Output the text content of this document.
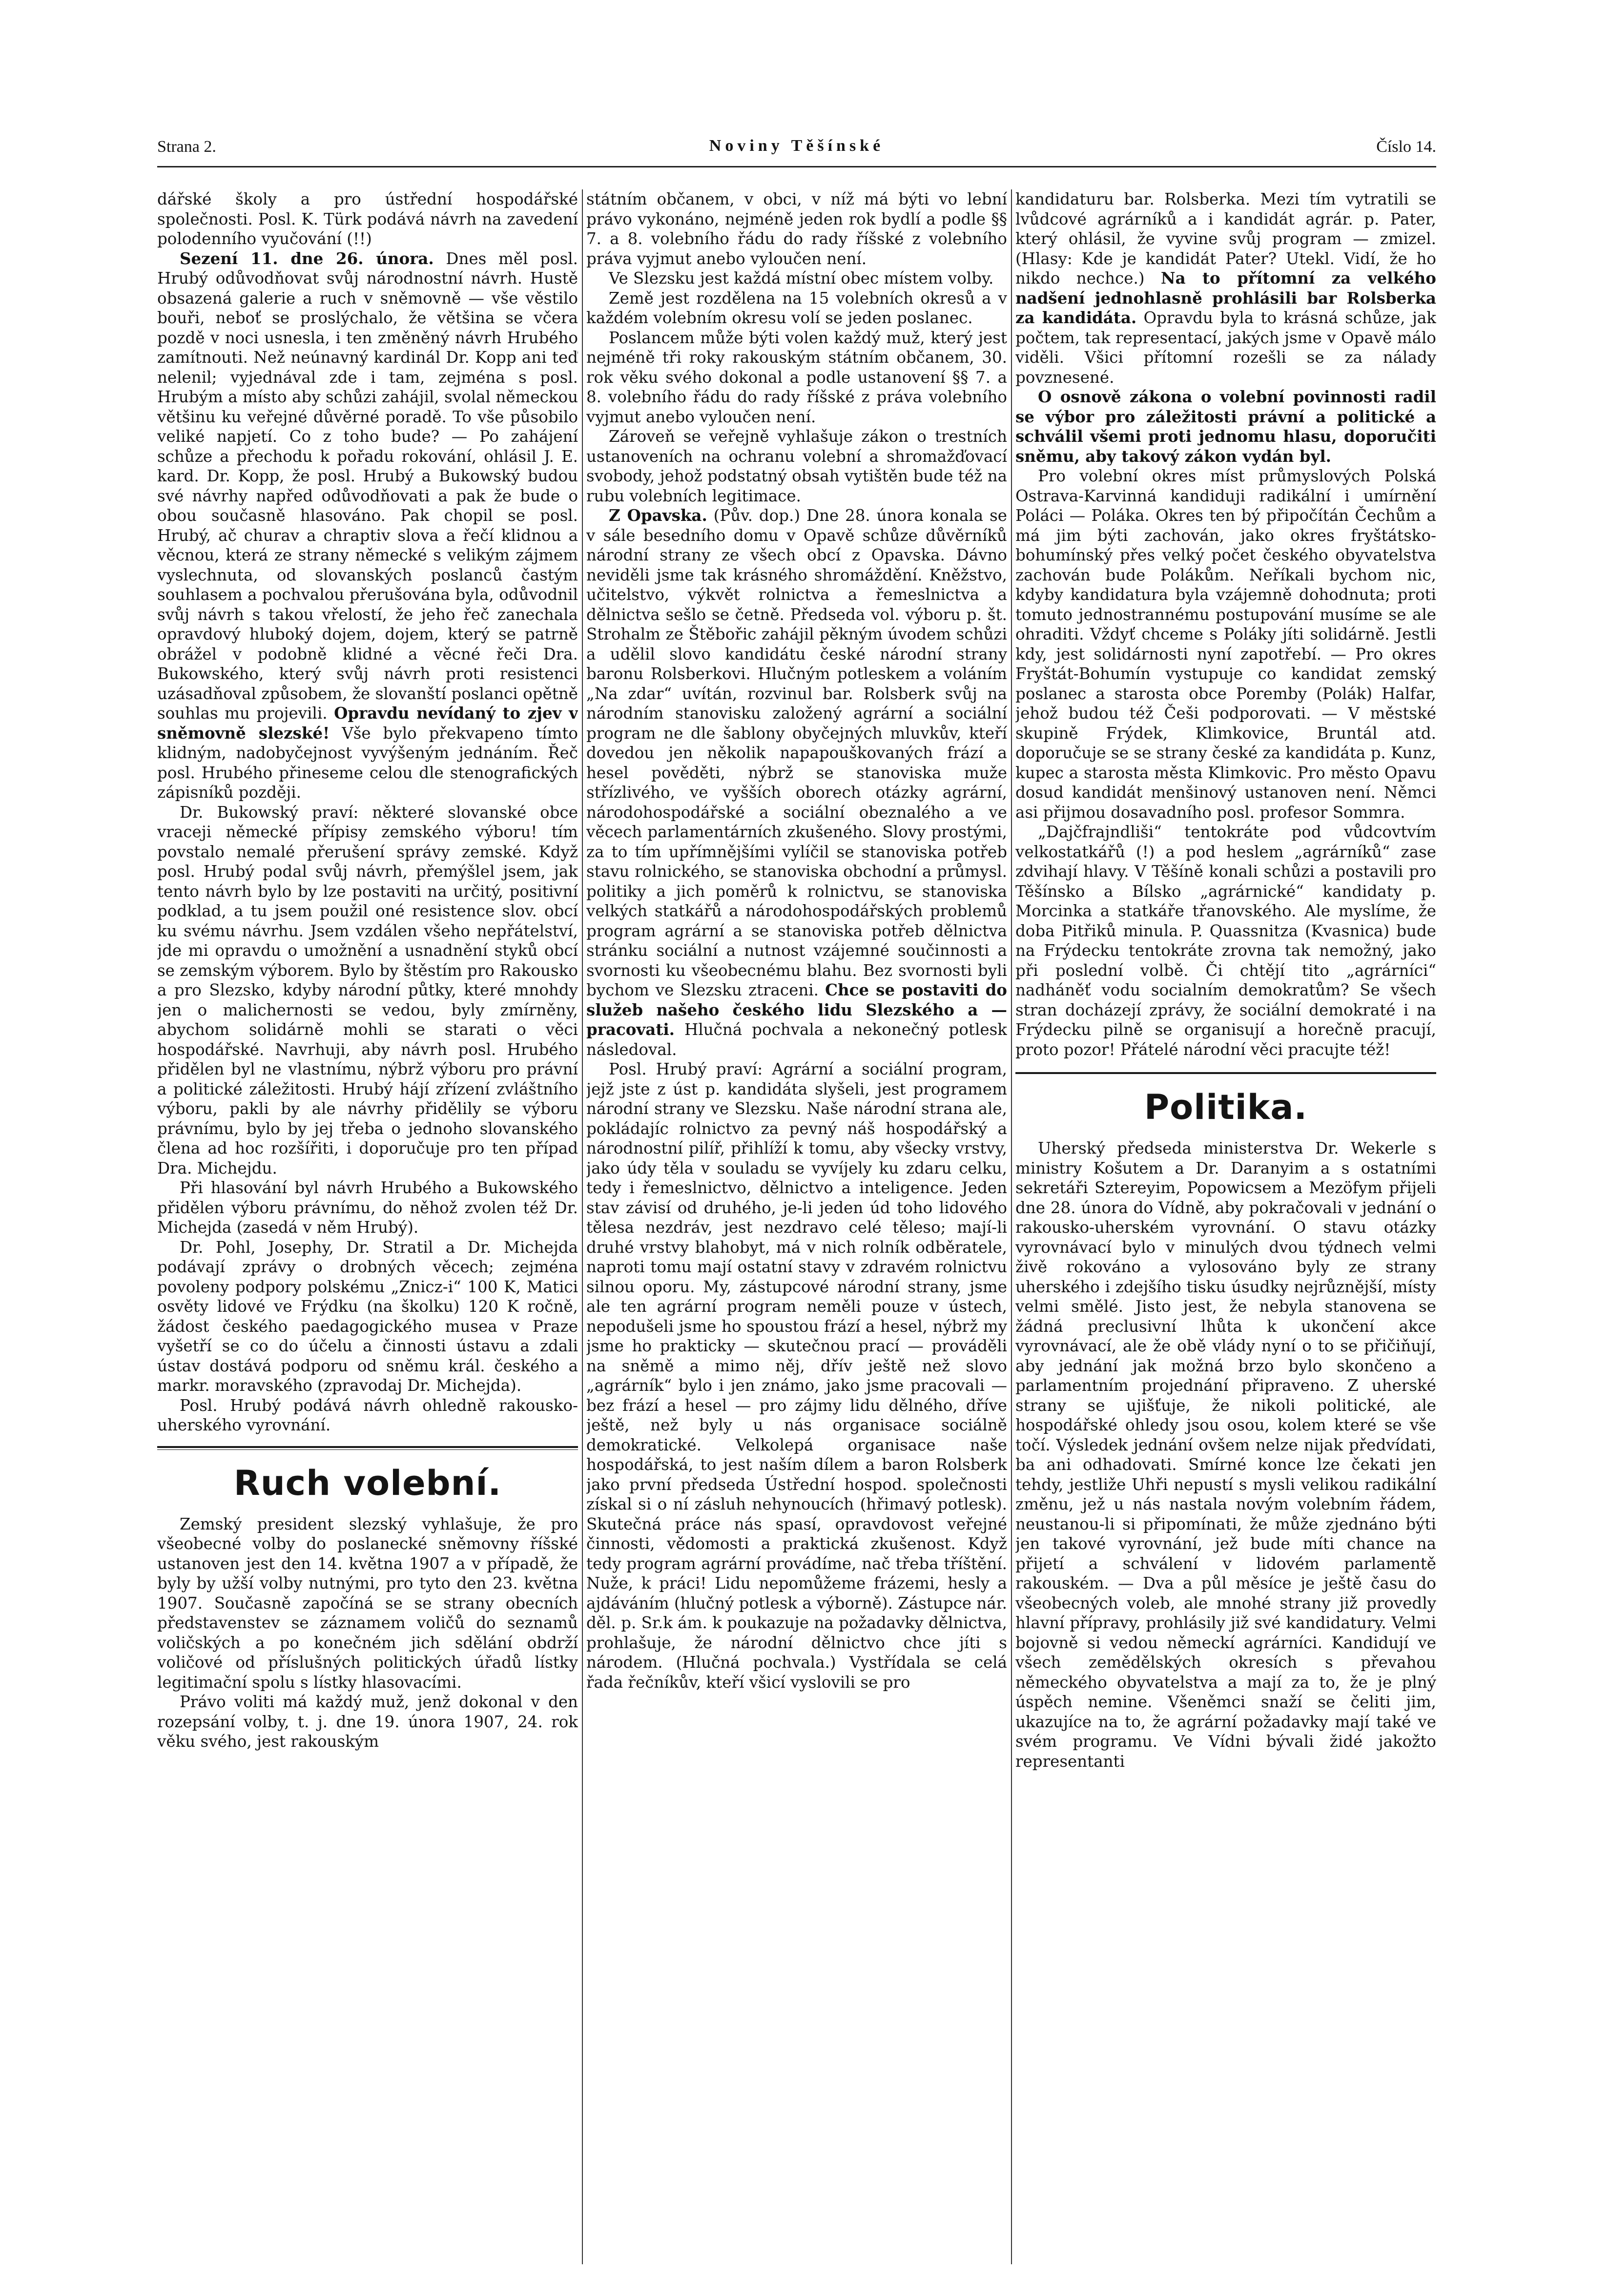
Strana 2.	Noviny Těšínské	Číslo 14.

dářské školy a pro ústřední hospodářské společnosti. Posl. K. Türk podává návrh na zavedení polodenního vyučování (!!)

Sezení 11. dne 26. února. Dnes měl posl. Hrubý odůvodňovat svůj národnostní návrh. Hustě obsazená galerie a ruch v sněmovně — vše věstilo bouři, neboť se proslýchalo, že většina se včera pozdě v noci usnesla, i ten změněný návrh Hrubého zamítnouti. Než neúnavný kardinál Dr. Kopp ani teď nelenil; vyjednával zde i tam, zejména s posl. Hrubým a místo aby schůzi zahájil, svolal německou většinu ku veřejné důvěrné poradě. To vše působilo veliké napjetí. Co z toho bude? — Po zahájení schůze a přechodu k pořadu rokování, ohlásil J. E. kard. Dr. Kopp, že posl. Hrubý a Bukowský budou své návrhy napřed odůvodňovati a pak že bude o obou současně hlasováno. Pak chopil se posl. Hrubý, ač churav a chraptiv slova a řečí klidnou a věcnou, která ze strany německé s velikým zájmem vyslechnuta, od slovanských poslanců častým souhlasem a pochvalou přerušována byla, odůvodnil svůj návrh s takou vřelostí, že jeho řeč zanechala opravdový hluboký dojem, dojem, který se patrně obrážel v podobně klidné a věcné řeči Dra. Bukowského, který svůj návrh proti resistenci uzásadňoval způsobem, že slovanští poslanci opětně souhlas mu projevili. Opravdu nevídaný to zjev v sněmovně slezské! Vše bylo překvapeno tímto klidným, nadobyčejnost vyvýšeným jednáním. Řeč posl. Hrubého přineseme celou dle stenografických zápisníků později.

Dr. Bukowský praví: některé slovanské obce vraceji německé přípisy zemského výboru! tím povstalo nemalé přerušení správy zemské. Když posl. Hrubý podal svůj návrh, přemýšlel jsem, jak tento návrh bylo by lze postaviti na určitý, positivní podklad, a tu jsem použil oné resistence slov. obcí ku svému návrhu. Jsem vzdálen všeho nepřátelství, jde mi opravdu o umožnění a usnadnění styků obcí se zemským výborem. Bylo by štěstím pro Rakousko a pro Slezsko, kdyby národní půtky, které mnohdy jen o malichernosti se vedou, byly zmírněny, abychom solidárně mohli se starati o věci hospodářské. Navrhuji, aby návrh posl. Hrubého přidělen byl ne vlastnímu, nýbrž výboru pro právní a politické záležitosti. Hrubý hájí zřízení zvláštního výboru, pakli by ale návrhy přidělily se výboru právnímu, bylo by jej třeba o jednoho slovanského člena ad hoc rozšířiti, i doporučuje pro ten případ Dra. Michejdu.

Při hlasování byl návrh Hrubého a Bukowského přidělen výboru právnímu, do něhož zvolen též Dr. Michejda (zasedá v něm Hrubý).

Dr. Pohl, Josephy, Dr. Stratil a Dr. Michejda podávají zprávy o drobných věcech; zejména povoleny podpory polskému „Znicz-i“ 100 K, Matici osvěty lidové ve Frýdku (na školku) 120 K ročně, žádost českého paedagogického musea v Praze vyšetří se co do účelu a činnosti ústavu a zdali ústav dostává podporu od sněmu král. českého a markr. moravského (zpravodaj Dr. Michejda).

Posl. Hrubý podává návrh ohledně rakousko-uherského vyrovnání.

Ruch volební.

Zemský president slezský vyhlašuje, že pro všeobecné volby do poslanecké sněmovny říšské ustanoven jest den 14. května 1907 a v případě, že byly by užší volby nutnými, pro tyto den 23. května 1907. Současně započíná se se strany obecních představenstev se záznamem voličů do seznamů voličských a po konečném jich sdělání obdrží voličové od příslušných politických úřadů lístky legitimační spolu s lístky hlasovacími.

Právo voliti má každý muž, jenž dokonal v den rozepsání volby, t. j. dne 19. února 1907, 24. rok věku svého, jest rakouským

státním občanem, v obci, v níž má býti vo lební právo vykonáno, nejméně jeden rok bydlí a podle §§ 7. a 8. volebního řádu do rady říšské z volebního práva vyjmut anebo vyloučen není.

Ve Slezsku jest každá místní obec místem volby.

Země jest rozdělena na 15 volebních okresů a v každém volebním okresu volí se jeden poslanec.

Poslancem může býti volen každý muž, který jest nejméně tři roky rakouským státním občanem, 30. rok věku svého dokonal a podle ustanovení §§ 7. a 8. volebního řádu do rady říšské z práva volebního vyjmut anebo vyloučen není.

Zároveň se veřejně vyhlašuje zákon o trestních ustanoveních na ochranu volební a shromažďovací svobody, jehož podstatný obsah vytištěn bude též na rubu volebních legitimace.

Z Opavska. (Pův. dop.) Dne 28. února konala se v sále besedního domu v Opavě schůze důvěrníků národní strany ze všech obcí z Opavska. Dávno neviděli jsme tak krásného shromáždění. Kněžstvo, učitelstvo, výkvět rolnictva a řemeslnictva a dělnictva sešlo se četně. Předseda vol. výboru p. št. Strohalm ze Štěbořic zahájil pěkným úvodem schůzi a udělil slovo kandidátu české národní strany baronu Rolsberkovi. Hlučným potleskem a voláním „Na zdar“ uvítán, rozvinul bar. Rolsberk svůj na národním stanovisku založený agrární a sociální program ne dle šablony obyčejných mluvkův, kteří dovedou jen několik napapouškovaných frází a hesel pověděti, nýbrž se stanoviska muže střízlivého, ve vyšších oborech otázky agrární, národohospodářské a sociální obeznalého a ve věcech parlamentárních zkušeného. Slovy prostými, za to tím upřímnějšími vylíčil se stanoviska potřeb stavu rolnického, se stanoviska obchodní a průmysl. politiky a jich poměrů k rolnictvu, se stanoviska velkých statkářů a národohospodářských problemů program agrární a se stanoviska potřeb dělnictva stránku sociální a nutnost vzájemné součinnosti a svornosti ku všeobecnému blahu. Bez svornosti byli bychom ve Slezsku ztraceni. Chce se postaviti do služeb našeho českého lidu Slezského a — pracovati. Hlučná pochvala a nekonečný potlesk následoval.

Posl. Hrubý praví: Agrární a sociální program, jejž jste z úst p. kandidáta slyšeli, jest programem národní strany ve Slezsku. Naše národní strana ale, pokládajíc rolnictvo za pevný náš hospodářský a národnostní pilíř, přihlíží k tomu, aby všecky vrstvy, jako údy těla v souladu se vyvíjely ku zdaru celku, tedy i řemeslnictvo, dělnictvo a inteligence. Jeden stav závisí od druhého, je-li jeden úd toho lidového tělesa nezdráv, jest nezdravo celé těleso; mají-li druhé vrstvy blahobyt, má v nich rolník odběratele, naproti tomu mají ostatní stavy v zdravém rolnictvu silnou oporu. My, zástupcové národní strany, jsme ale ten agrární program neměli pouze v ústech, nepodušeli jsme ho spoustou frází a hesel, nýbrž my jsme ho prakticky — skutečnou prací — prováděli na sněmě a mimo něj, dřív ještě než slovo „agrárník“ bylo i jen známo, jako jsme pracovali — bez frází a hesel — pro zájmy lidu dělného, dříve ještě, než byly u nás organisace sociálně demokratické. Velkolepá organisace naše hospodářská, to jest naším dílem a baron Rolsberk jako první předseda Ústřední hospod. společnosti získal si o ní zásluh nehynoucích (hřimavý potlesk). Skutečná práce nás spasí, opravdovost veřejné činnosti, vědomosti a praktická zkušenost. Když tedy program agrární provádíme, nač třeba tříštění. Nuže, k práci! Lidu nepomůžeme frázemi, hesly a ajdáváním (hlučný potlesk a výborně). Zástupce nár. děl. p. Sr.k ám. k poukazuje na požadavky dělnictva, prohlašuje, že národní dělnictvo chce jíti s národem. (Hlučná pochvala.) Vystřídala se celá řada řečníkův, kteří všicí vyslovili se pro

kandidaturu bar. Rolsberka. Mezi tím vytratili se lvůdcové agrárníků a i kandidát agrár. p. Pater, který ohlásil, že vyvine svůj program — zmizel. (Hlasy: Kde je kandidát Pater? Utekl. Vidí, že ho nikdo nechce.) Na to přítomní za velkého nadšení jednohlasně prohlásili bar Rolsberka za kandidáta. Opravdu byla to krásná schůze, jak počtem, tak representací, jakých jsme v Opavě málo viděli. Všici přítomní rozešli se za nálady povznesené.

O osnově zákona o volební povinnosti radil se výbor pro záležitosti právní a politické a schválil všemi proti jednomu hlasu, doporučiti sněmu, aby takový zákon vydán byl.

Pro volební okres míst průmyslových Polská Ostrava-Karvinná kandiduji radikální i umírnění Poláci — Poláka. Okres ten bý připočítán Čechům a má jim býti zachován, jako okres fryštátsko-bohumínský přes velký počet českého obyvatelstva zachován bude Polákům. Neříkali bychom nic, kdyby kandidatura byla vzájemně dohodnuta; proti tomuto jednostrannému postupování musíme se ale ohraditi. Vždyť chceme s Poláky jíti solidárně. Jestli kdy, jest solidárnosti nyní zapotřebí. — Pro okres Fryštát-Bohumín vystupuje co kandidat zemský poslanec a starosta obce Poremby (Polák) Halfar, jehož budou též Češi podporovati. — V městské skupině Frýdek, Klimkovice, Bruntál atd. doporučuje se se strany české za kandidáta p. Kunz, kupec a starosta města Klimkovic. Pro město Opavu dosud kandidát menšinový ustanoven není. Němci asi přijmou dosavadního posl. profesor Sommra.

„Dajčfrajndliši“ tentokráte pod vůdcovtvím velkostatkářů (!) a pod heslem „agrárníků“ zase zdvihají hlavy. V Těšíně konali schůzi a postavili pro Těšínsko a Bílsko „agrárnické“ kandidaty p. Morcinka a statkáře třanovského. Ale myslíme, že doba Pitřiků minula. P. Quassnitza (Kvasnica) bude na Frýdecku tentokráte zrovna tak nemožný, jako při poslední volbě. Či chtějí tito „agrárníci“ nadháněť vodu socialním demokratům? Se všech stran docházejí zprávy, že sociální demokraté i na Frýdecku pilně se organisují a horečně pracují, proto pozor! Přátelé národní věci pracujte též!

Politika.

Uherský předseda ministerstva Dr. Wekerle s ministry Košutem a Dr. Daranyim a s ostatními sekretáři Sztereyim, Popowicsem a Mezöfym přijeli dne 28. února do Vídně, aby pokračovali v jednání o rakousko-uherském vyrovnání. O stavu otázky vyrovnávací bylo v minulých dvou týdnech velmi živě rokováno a vylosováno byly ze strany uherského i zdejšího tisku úsudky nejrůznější, místy velmi smělé. Jisto jest, že nebyla stanovena se žádná preclusivní lhůta k ukončení akce vyrovnávací, ale že obě vlády nyní o to se přičiňují, aby jednání jak možná brzo bylo skončeno a parlamentním projednání připraveno. Z uherské strany se ujišťuje, že nikoli politické, ale hospodářské ohledy jsou osou, kolem které se vše točí. Výsledek jednání ovšem nelze nijak předvídati, ba ani odhadovati. Smírné konce lze čekati jen tehdy, jestliže Uhři nepustí s mysli velikou radikální změnu, jež u nás nastala novým volebním řádem, neustanou-li si připomínati, že může zjednáno býti jen takové vyrovnání, jež bude míti chance na přijetí a schválení v lidovém parlamentě rakouském. — Dva a půl měsíce je ještě času do všeobecných voleb, ale mnohé strany již provedly hlavní přípravy, prohlásily již své kandidatury. Velmi bojovně si vedou německí agrárníci. Kandidují ve všech zemědělských okresích s převahou německého obyvatelstva a mají za to, že je plný úspěch nemine. Všeněmci snaží se čeliti jim, ukazujíce na to, že agrární požadavky mají také ve svém programu. Ve Vídni bývali židé jakožto representanti
